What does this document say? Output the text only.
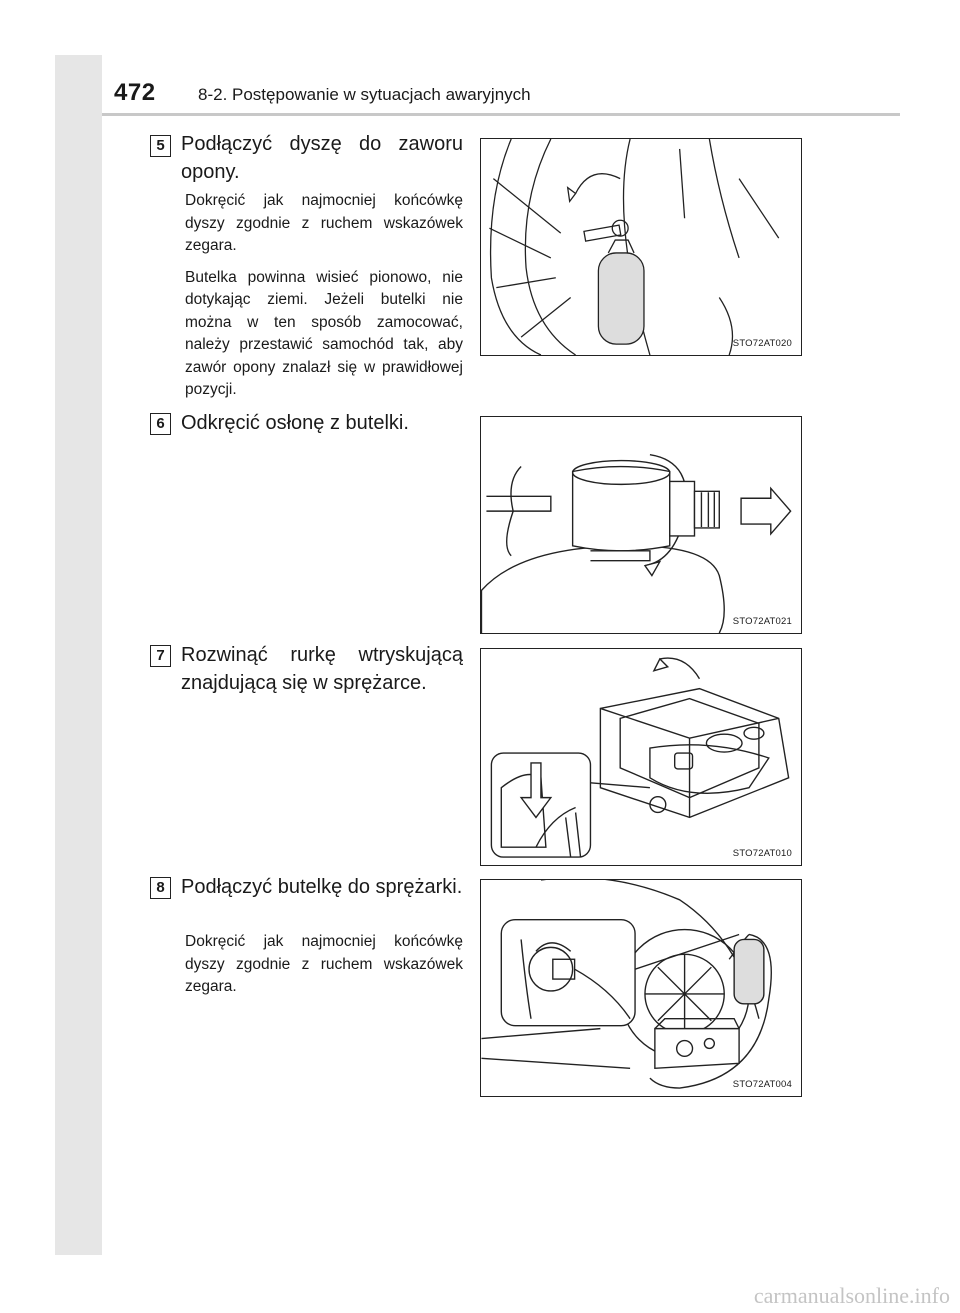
472 8-2. Postępowanie w sytuacjach awaryjnych
5 Podłączyć dyszę do zaworu opony.

Dokręcić jak najmocniej końcówkę dyszy zgodnie z ruchem wskazówek zegara.

Butelka powinna wisieć pionowo, nie dotykając ziemi. Jeżeli butelki nie można w ten sposób zamocować, należy przestawić samochód tak, aby zawór opony znalazł się w prawidłowej pozycji.

STO72AT020
6 Odkręcić osłonę z butelki.
STO72AT021
7 Rozwinąć rurkę wtryskującą znajdującą się w sprężarce.
STO72AT010
8 Podłączyć butelkę do sprężarki.

Dokręcić jak najmocniej końcówkę dyszy zgodnie z ruchem wskazówek zegara.

STO72AT004
carmanualsonline.info
